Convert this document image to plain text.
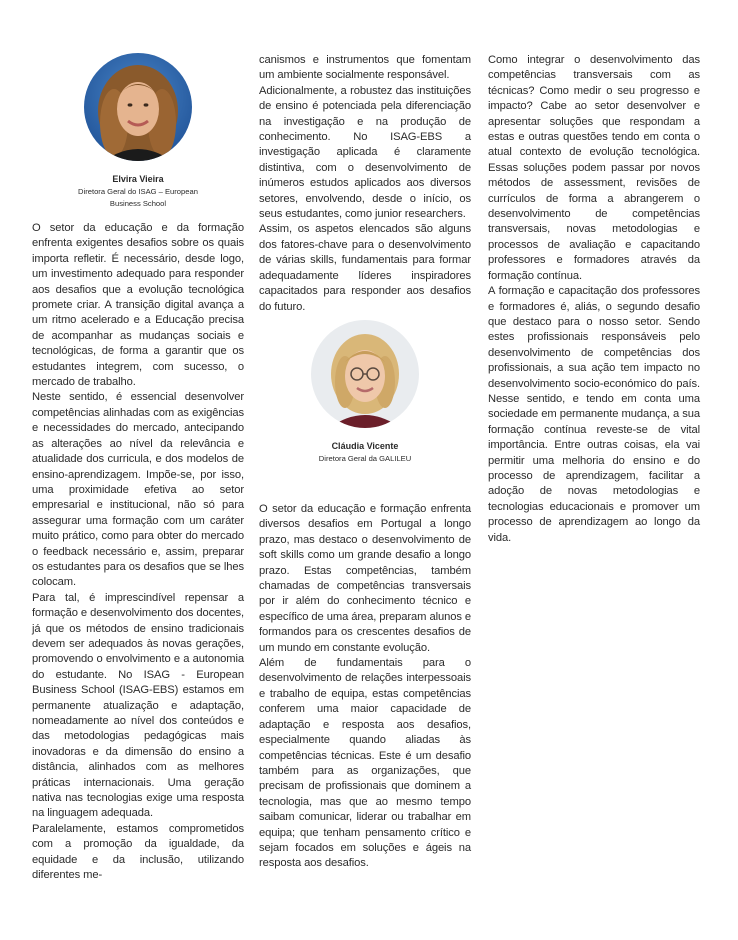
Elvira Vieira

Diretora Geral do ISAG – European

Business School

O setor da educação e da formação enfrenta exigentes desafios sobre os quais importa refletir. É necessário, desde logo, um investimento adequado para responder aos desafios que a evolução tecnológica promete criar. A transição digital avança a um ritmo acelerado e a Educação precisa de acompanhar as mudanças sociais e tecnológicas, de forma a garantir que os estudantes integrem, com sucesso, o mercado de trabalho.

Neste sentido, é essencial desenvolver competências alinhadas com as exigências e necessidades do mercado, antecipando as alterações ao nível da relevância e atualidade dos curricula, e dos modelos de ensino-aprendizagem. Impõe-se, por isso, uma proximidade efetiva ao setor empresarial e institucional, não só para assegurar uma formação com um caráter muito prático, como para obter do mercado o feedback necessário e, assim, preparar os estudantes para os desafios que se lhes colocam.

Para tal, é imprescindível repensar a formação e desenvolvimento dos docentes, já que os métodos de ensino tradicionais devem ser adequados às novas gerações, promovendo o envolvimento e a autonomia do estudante. No ISAG - European Business School (ISAG-EBS) estamos em permanente atualização e adaptação, nomeadamente ao nível dos conteúdos e das metodologias pedagógicas mais inovadoras e da dimensão do ensino a distância, alinhados com as melhores práticas internacionais. Uma geração nativa nas tecnologias exige uma resposta na linguagem adequada.

Paralelamente, estamos comprometidos com a promoção da igualdade, da equidade e da inclusão, utilizando diferentes me-

canismos e instrumentos que fomentam um ambiente socialmente responsável.

Adicionalmente, a robustez das instituições de ensino é potenciada pela diferenciação na investigação e na produção de conhecimento. No ISAG-EBS a investigação aplicada é claramente distintiva, com o desenvolvimento de inúmeros estudos aplicados aos diversos setores, envolvendo, desde o início, os seus estudantes, como junior researchers.

Assim, os aspetos elencados são alguns dos fatores-chave para o desenvolvimento de várias skills, fundamentais para formar adequadamente líderes inspiradores capacitados para responder aos desafios do futuro.

Cláudia Vicente

Diretora Geral da GALILEU

O setor da educação e formação enfrenta diversos desafios em Portugal a longo prazo, mas destaco o desenvolvimento de soft skills como um grande desafio a longo prazo. Estas competências, também chamadas de competências transversais por ir além do conhecimento técnico e específico de uma área, preparam alunos e formandos para os crescentes desafios de um mundo em constante evolução.

Além de fundamentais para o desenvolvimento de relações interpessoais e trabalho de equipa, estas competências conferem uma maior capacidade de adaptação e resposta aos desafios, especialmente quando aliadas às competências técnicas. Este é um desafio também para as organizações, que precisam de profissionais que dominem a tecnologia, mas que ao mesmo tempo saibam comunicar, liderar ou trabalhar em equipa; que tenham pensamento crítico e sejam focados em soluções e ágeis na resposta aos desafios.

Como integrar o desenvolvimento das competências transversais com as técnicas? Como medir o seu progresso e impacto? Cabe ao setor desenvolver e apresentar soluções que respondam a estas e outras questões tendo em conta o atual contexto de evolução tecnológica. Essas soluções podem passar por novos métodos de assessment, revisões de currículos de forma a abrangerem o desenvolvimento de competências transversais, novas metodologias e processos de avaliação e capacitando professores e formadores através da formação contínua.

A formação e capacitação dos professores e formadores é, aliás, o segundo desafio que destaco para o nosso setor. Sendo estes profissionais responsáveis pelo desenvolvimento de competências dos profissionais, a sua ação tem impacto no desenvolvimento socio-económico do país. Nesse sentido, e tendo em conta uma sociedade em permanente mudança, a sua formação contínua reveste-se de vital importância. Entre outras coisas, ela vai permitir uma melhoria do ensino e do processo de aprendizagem, facilitar a adoção de novas metodologias e tecnologias educacionais e promover um processo de aprendizagem ao longo da vida.
